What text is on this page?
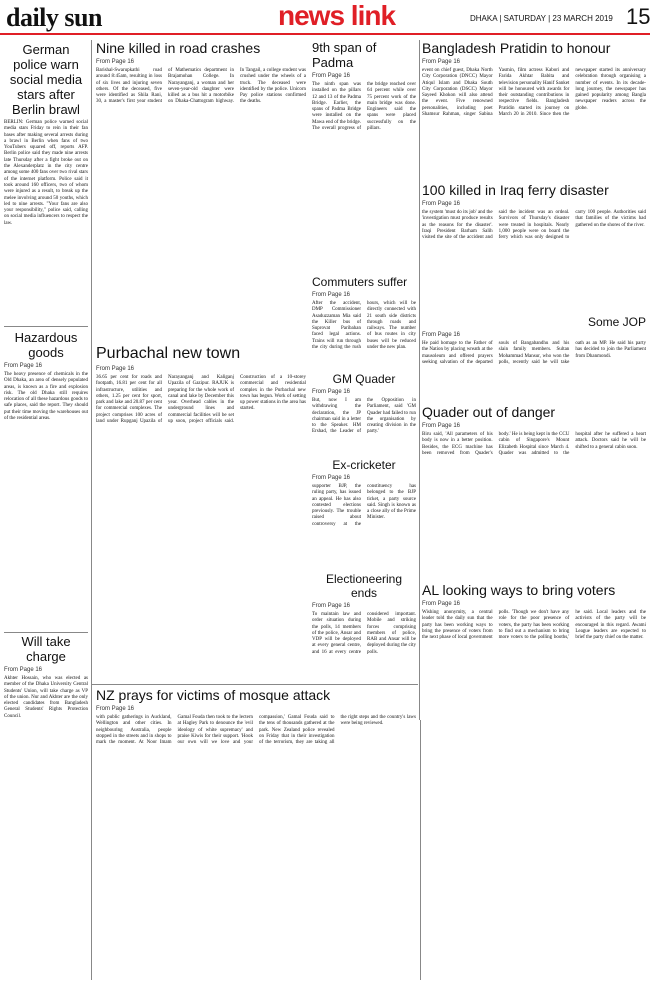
daily sun	news link	DHAKA | SATURDAY | 23 MARCH 2019 15
German police warn social media stars after Berlin brawl

BERLIN: German police warned social media stars Friday to rein in their fan bases after making several arrests during a brawl in Berlin when fans of two YouTubers squared off, reports AFP. Berlin police said they made nine arrests late Thursday after a fight broke out on the Alexanderplatz in the city centre among some 400 fans over two rival stars of the internet platform. Police said it took around 160 officers, two of whom were injured as a result, to break up the melee involving around 50 youths, which led to nine arrests. "Your fans are also your responsibility," police said, calling on social media influencers to respect the law.

Hazardous goods
From Page 16

The heavy presence of chemicals in the Old Dhaka, an area of densely populated areas, is known as a fire and explosion risk. The old Dhaka still requires relocation of all these hazardous goods to safe places, said the report. They should put their time moving the warehouses out of the residential areas.

Will take charge
From Page 16

Akhter Hossain, who was elected as member of the Dhaka University Central Students' Union, will take charge as VP of the union. Nur and Akhter are the only elected candidates from Bangladesh General Students' Rights Protection Council.

Nine killed in road crashes
From Page 16

Barishal-Swarupkathi road around 8:45am, resulting in loss of six lives and injuring seven others. Of the deceased, five were identified as Shila Rani, 30, a master's first year student of Mathematics department in Brajamohan College. In Narayanganj, a woman and her seven-year-old daughter were killed as a bus hit a motorbike on Dhaka-Chattogram highway. In Tangail, a college student was crushed under the wheels of a truck. The deceased were identified by the police. Unicorn Pay police stations confirmed the deaths.

9th span of Padma
From Page 16

The ninth span was installed on the pillars 12 and 13 of the Padma Bridge. Earlier, the spans of Padma Bridge were installed on the Mawa end of the bridge. The overall progress of the bridge reached over 64 percent while over 75 percent work of the main bridge was done. Engineers said the spans were placed successfully on the pillars.

Commuters suffer
From Page 16

After the accident, DMP Commissioner Asaduzzaman Mia said the Killer bus of Suprovat Paribahan faced legal actions. Trains will run through the city during the rush hours, which will be directly connected with 21 south side districts through roads and railways. The number of bus routes in city buses will be reduced under the new plan.

GM Quader
From Page 16

But, now I am withdrawing the declaration, the JP chairman said in a letter to the Speaker. HM Ershad, the Leader of the Opposition in Parliament, said 'GM Quader had failed to run the organisation by creating division in the party.'

Ex-cricketer
From Page 16

supporter BJP, the ruling party, has issued an appeal. He has also contested elections previously. The trouble raised about controversy at the constituency has belonged to the BJP ticket, a party source said. Singh is known as a close ally of the Prime Minister.

Electioneering ends
From Page 16

To maintain law and order situation during the polls, 14 members of the police, Ansar and VDP will be deployed at every general centre, and 16 at every centre considered important. Mobile and striking forces comprising members of police, RAB and Ansar will be deployed during the city polls.

Bangladesh Pratidin to honour
From Page 16

event on chief guest, Dhaka North City Corporation (DNCC) Mayor Atiqul Islam and Dhaka South City Corporation (DSCC) Mayor Sayeed Khokon will also attend the event. Five renowned personalities, including poet Shamsur Rahman, singer Sabina Yasmin, film actress Kabori and Farida Akhtar Babita and television personality Hanif Sanket will be honoured with awards for their outstanding contributions in respective fields. Bangladesh Pratidin started its journey on March 20 in 2010. Since then the newspaper started its anniversary celebration through organising a number of events. In its decade-long journey, the newspaper has gained popularity among Bangla newspaper readers across the globe.

100 killed in Iraq ferry disaster
From Page 16

the system 'must do its job' and the 'investigation must produce results as the reasons for the disaster'. Iraqi President Barham Salih visited the site of the accident and said the incident was an ordeal. Survivors of Thursday's disaster were treated in hospitals. Nearly 1,000 people were on board the ferry which was only designed to carry 100 people. Authorities said that families of the victims had gathered on the shores of the river.

Purbachal new town
From Page 16

36.65 per cent for roads and footpath, 16.81 per cent for all infrastructure, utilities and others, 1.25 per cent for sport, park and lake and 20.87 per cent for commercial complexes. The project comprises 100 acres of land under Rupganj Upazila of Narayanganj and Kaliganj Upazila of Gazipur. RAJUK is preparing for the whole work of canal and lake by December this year. Overhead cables in the underground lines and commercial facilities will be set up soon, project officials said. Construction of a 10-storey commercial and residential complex in the Purbachal new town has begun. Work of setting up power stations in the area has started.

Some JOP
From Page 16

He paid homage to the Father of the Nation by placing wreath at the mausoleum and offered prayers seeking salvation of the departed souls of Bangabandhu and his slain family members. Sultan Mohammad Mansur, who won the polls, recently said he will take oath as an MP. He said his party has decided to join the Parliament from Dhanmondi.

Quader out of danger
From Page 16

Biru said, 'All parameters of his body is now in a better position. Besides, the ECG machine has been removed from Quader's body.' He is being kept in the CCU cabin of Singapore's Mount Elizabeth Hospital since March 4. Quader was admitted to the hospital after he suffered a heart attack. Doctors said he will be shifted to a general cabin soon.

NZ prays for victims of mosque attack
From Page 16

with public gatherings in Auckland, Wellington and other cities. In neighbouring Australia, people stopped in the streets and in shops to mark the moment. At Noor Imam Gamal Fouda then took to the lectern at Hagley Park to denounce the 'evil ideology of white supremacy' and praise Kiwis for their support. 'Hook our own will we love and your compassion,' Gamal Fouda said to the tens of thousands gathered at the park. New Zealand police revealed on Friday that in their investigation of the terrorism, they are taking all the right steps and the country's laws were being reviewed.

AL looking ways to bring voters
From Page 16

Wishing anonymity, a central leader told the daily sun that the party has been working ways to bring the presence of voters from the next phase of local government polls. 'Though we don't have any role for the poor presence of voters, the party has been working to find out a mechanism to bring more voters to the polling booths,' he said. Local leaders and the activists of the party will be encouraged in this regard. Awami League leaders are expected to brief the party chief on the matter.
